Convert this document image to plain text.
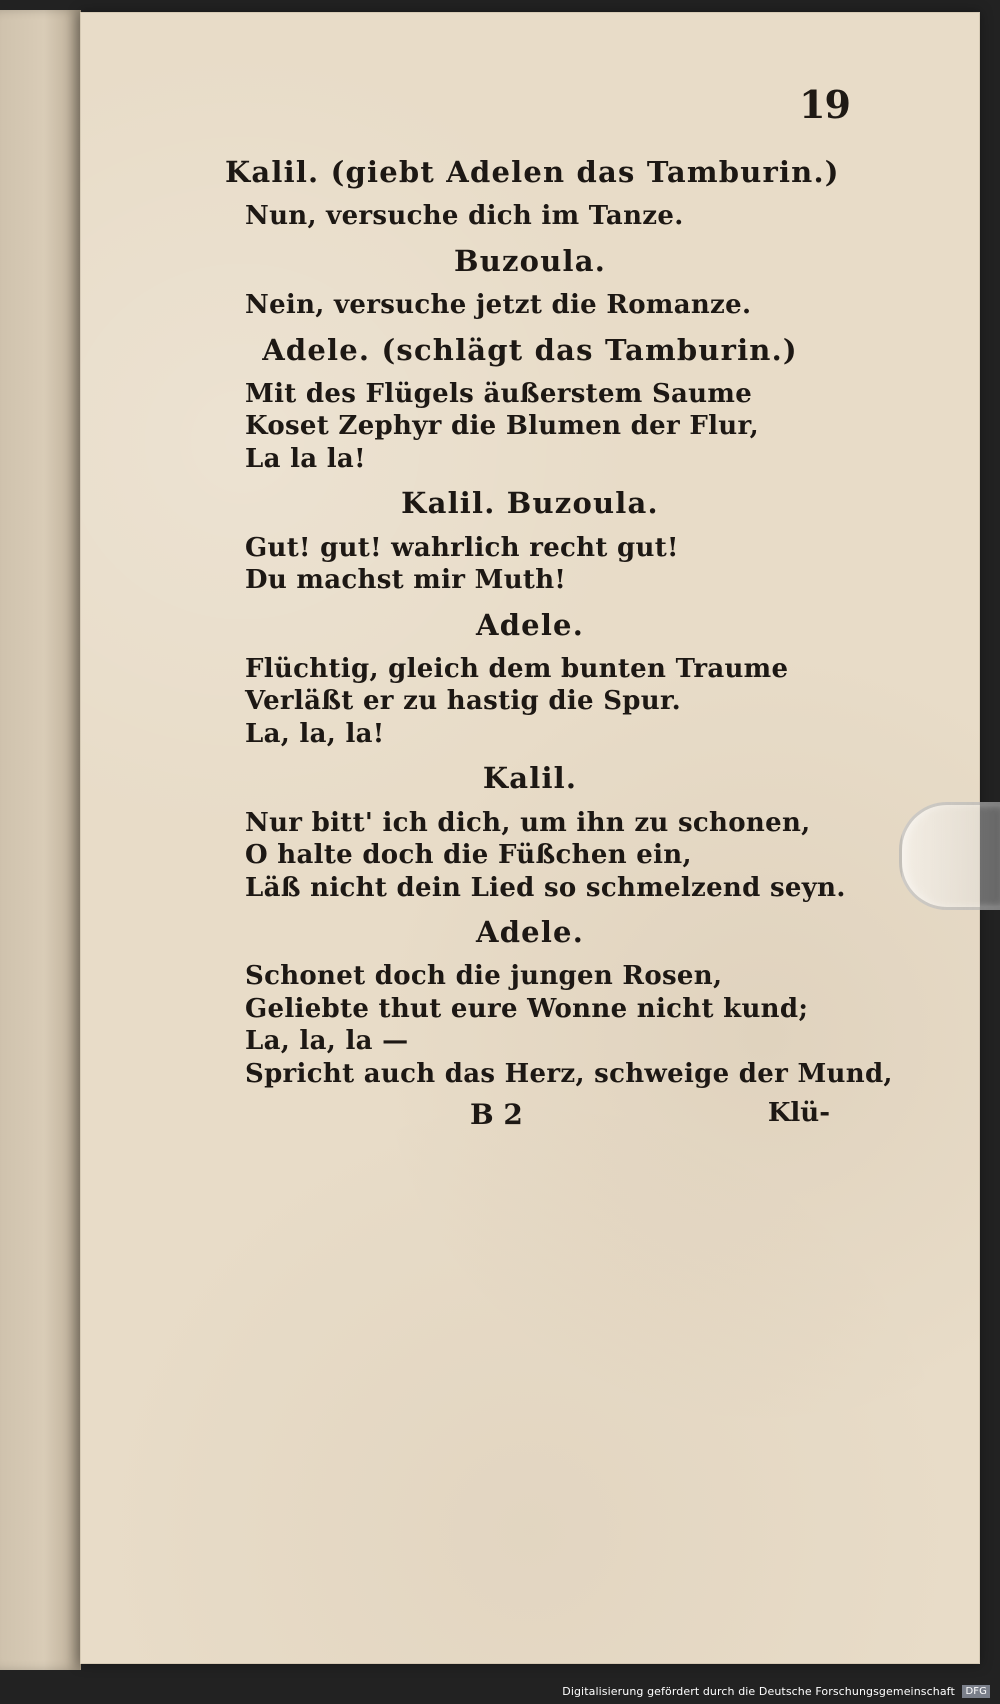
19
Kalil. (giebt Adelen das Tamburin.)
Nun, versuche dich im Tanze.
Buzoula.
Nein, versuche jetzt die Romanze.
Adele. (schlägt das Tamburin.)
Mit des Flügels äußerstem Saume
Koset Zephyr die Blumen der Flur,
La la la!
Kalil. Buzoula.
Gut! gut! wahrlich recht gut!
Du machst mir Muth!
Adele.
Flüchtig, gleich dem bunten Traume
Verläßt er zu hastig die Spur.
La, la, la!
Kalil.
Nur bitt' ich dich, um ihn zu schonen,
O halte doch die Füßchen ein,
Läß nicht dein Lied so schmelzend seyn.
Adele.
Schonet doch die jungen Rosen,
Geliebte thut eure Wonne nicht kund;
La, la, la —
Spricht auch das Herz, schweige der Mund,
B 2	Klü-
Digitalisierung gefördert durch die Deutsche Forschungsgemeinschaft DFG
